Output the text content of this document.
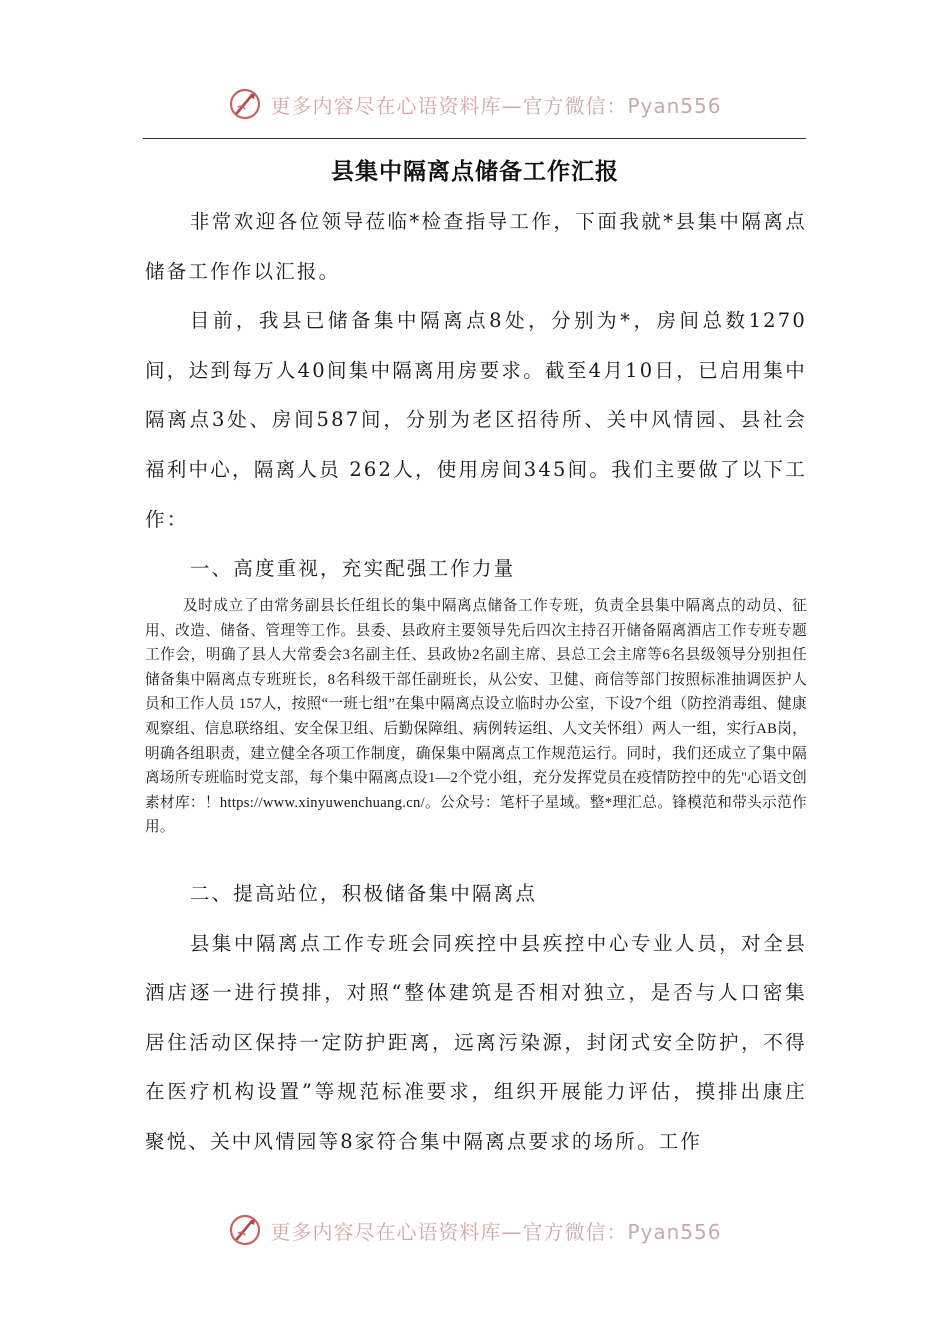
更多内容尽在心语资料库—官方微信：Pyan556
县集中隔离点储备工作汇报

非常欢迎各位领导莅临*检查指导工作，下面我就*县集中隔离点储备工作作以汇报。

目前，我县已储备集中隔离点8处，分别为*，房间总数1270间，达到每万人40间集中隔离用房要求。截至4月10日，已启用集中隔离点3处、房间587间，分别为老区招待所、关中风情园、县社会福利中心，隔离人员 262人，使用房间345间。我们主要做了以下工作：

一、高度重视，充实配强工作力量

及时成立了由常务副县长任组长的集中隔离点储备工作专班，负责全县集中隔离点的动员、征用、改造、储备、管理等工作。县委、县政府主要领导先后四次主持召开储备隔离酒店工作专班专题工作会，明确了县人大常委会3名副主任、县政协2名副主席、县总工会主席等6名县级领导分别担任储备集中隔离点专班班长，8名科级干部任副班长，从公安、卫健、商信等部门按照标准抽调医护人员和工作人员 157人，按照“一班七组”在集中隔离点设立临时办公室，下设7个组（防控消毒组、健康观察组、信息联络组、安全保卫组、后勤保障组、病例转运组、人文关怀组）两人一组，实行AB岗，明确各组职责，建立健全各项工作制度，确保集中隔离点工作规范运行。同时，我们还成立了集中隔离场所专班临时党支部，每个集中隔离点设1—2个党小组，充分发挥党员在疫情防控中的先"心语文创素材库：！https://www.xinyuwenchuang.cn/。公众号：笔杆子星域。整*理汇总。锋模范和带头示范作用。

二、提高站位，积极储备集中隔离点

县集中隔离点工作专班会同疾控中县疾控中心专业人员，对全县酒店逐一进行摸排，对照“整体建筑是否相对独立，是否与人口密集居住活动区保持一定防护距离，远离污染源，封闭式安全防护，不得在医疗机构设置”等规范标准要求，组织开展能力评估，摸排出康庄聚悦、关中风情园等8家符合集中隔离点要求的场所。工作

更多内容尽在心语资料库—官方微信：Pyan556
